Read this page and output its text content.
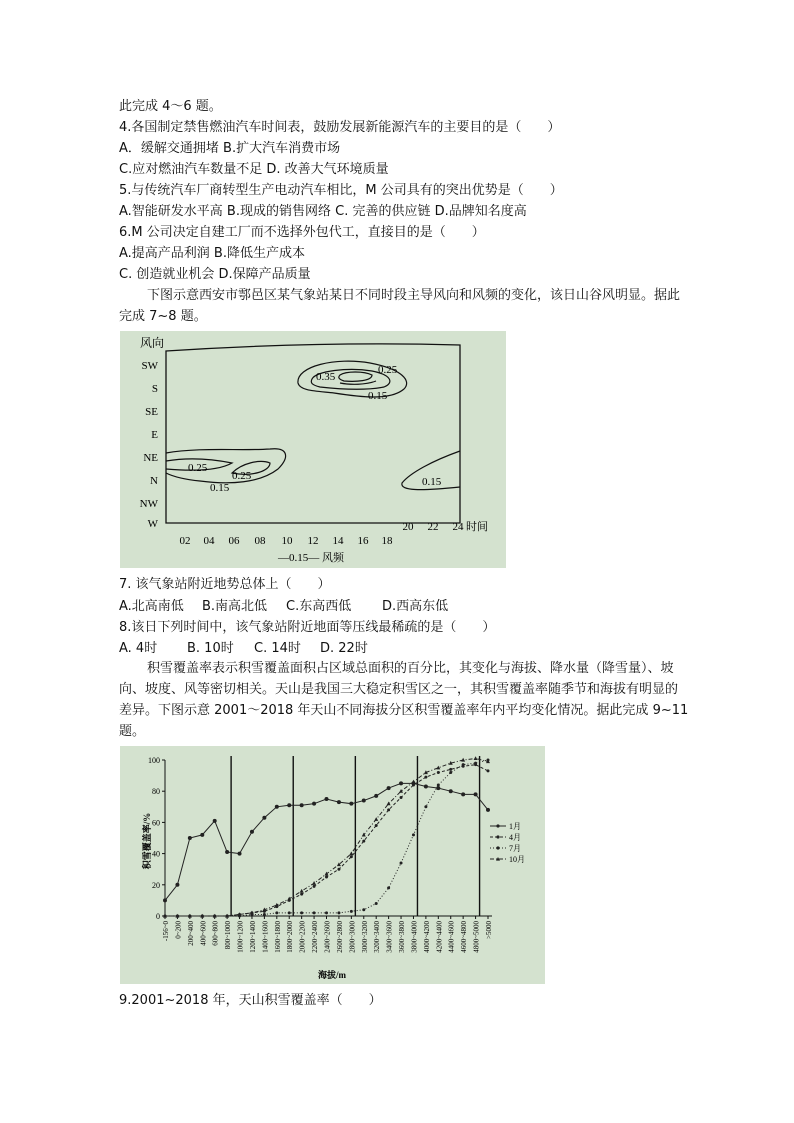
此完成 4～6 题。
4.各国制定禁售燃油汽车时间表，鼓励发展新能源汽车的主要目的是（　　）
A．缓解交通拥堵 B.扩大汽车消费市场
C.应对燃油汽车数量不足 D. 改善大气环境质量
5.与传统汽车厂商转型生产电动汽车相比，M 公司具有的突出优势是（　　）
A.智能研发水平高 B.现成的销售网络 C. 完善的供应链 D.品牌知名度高
6.M 公司决定自建工厂而不选择外包代工，直接目的是（　　）
A.提高产品利润 B.降低生产成本
C. 创造就业机会 D.保障产品质量
下图示意西安市鄠邑区某气象站某日不同时段主导风向和风频的变化，该日山谷风明显。据此完成 7~8 题。
风向
SW
S
SE
E
NE
N
NW
W
02 04 06 08 10 12 14 16 18
20 22 24 时间
—0.15— 风频
0.35
0.25
0.15
0.25
0.25
0.15	0.15
7. 该气象站附近地势总体上（　　）
A.北高南低 B.南高北低 C.东高西低 D.西高东低
8.该日下列时间中，该气象站附近地面等压线最稀疏的是（　　）
A. 4时 B. 10时 C. 14时 D. 22时
积雪覆盖率表示积雪覆盖面积占区域总面积的百分比，其变化与海拔、降水量（降雪量）、坡向、坡度、风等密切相关。天山是我国三大稳定积雪区之一，其积雪覆盖率随季节和海拔有明显的差异。下图示意 2001～2018 年天山不同海拔分区积雪覆盖率年内平均变化情况。据此完成 9~11 题。
积雪覆盖率/%
海拔/m
0
20
40
60
80
100
-156~0 0~200 200~400 400~600 600~800 800~1000 1000~1200 1200~1400 1400~1600 1600~1800 1800~2000 2000~2200 2200~2400 2400~2600 2600~2800 2800~3000 3000~3200 3200~3400 3400~3600 3600~3800 3800~4000 4000~4200 4200~4400 4400~4600 4600~4800 4800~5000 >5000
1月
4月
7月
10月
9.2001~2018 年，天山积雪覆盖率（　　）
